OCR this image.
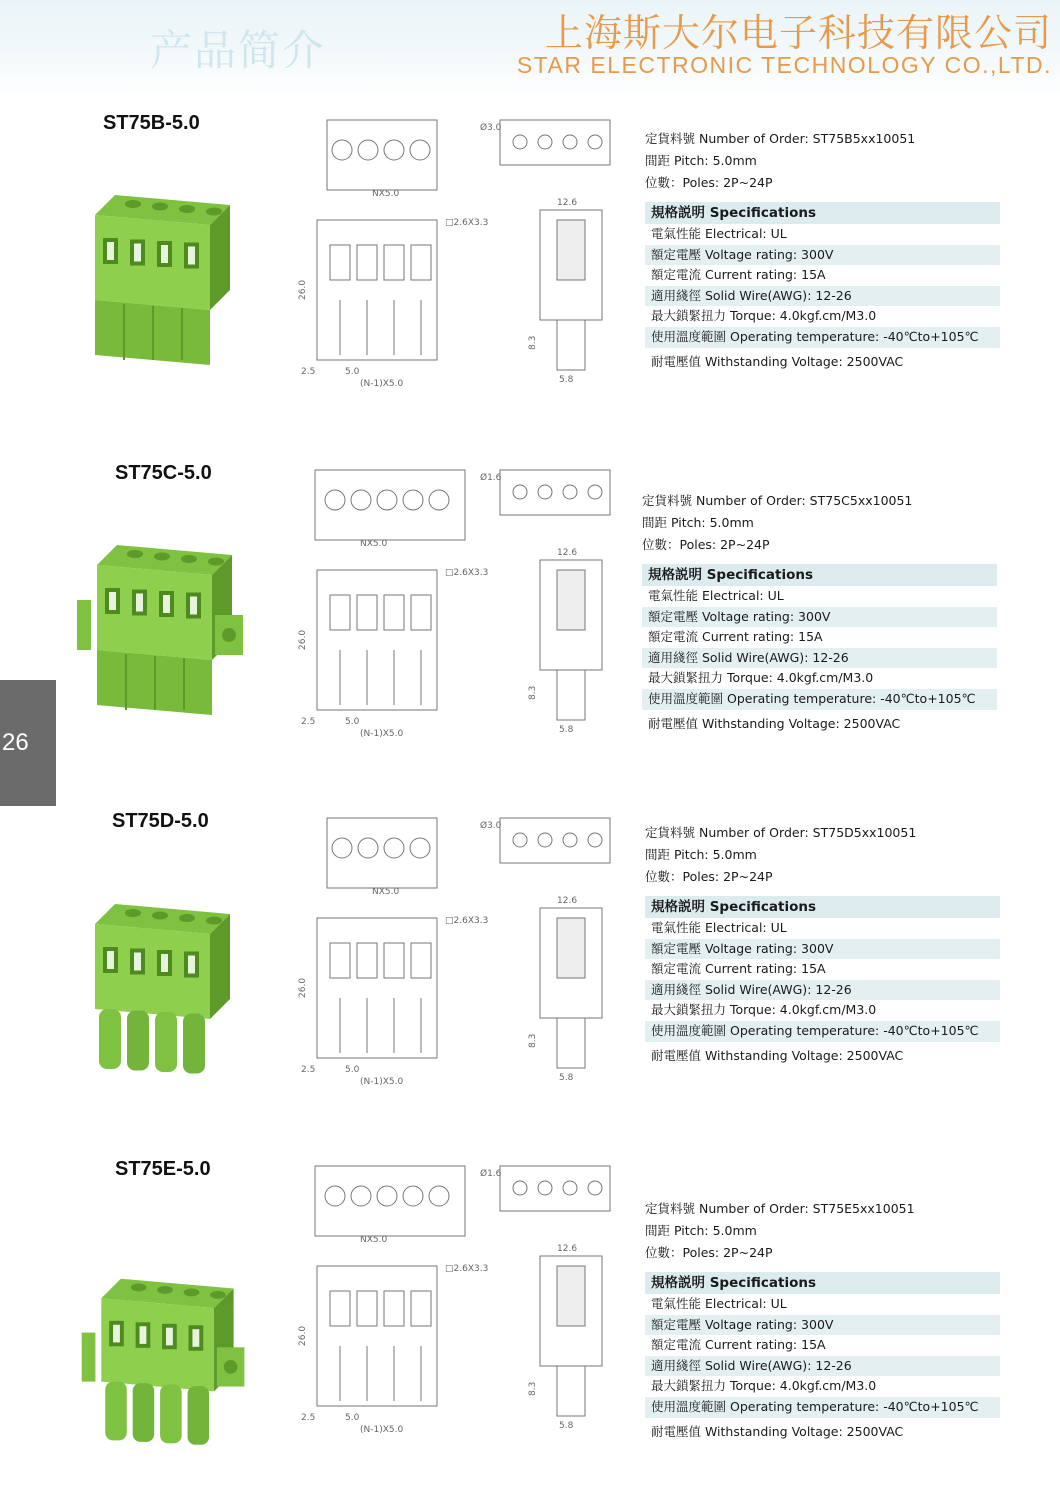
产品简介	上海斯大尔电子科技有限公司
STAR ELECTRONIC TECHNOLOGY CO.,LTD.
26
ST75B-5.0
NX5.0
Ø3.0
26.0
□2.6X3.3
2.5	5.0
(N-1)X5.0
12.6
5.8
8.3
定貨料號 Number of Order: ST75B5xx10051
間距 Pitch: 5.0mm
位數：Poles: 2P~24P
規格説明 Specifications
電氣性能 Electrical: UL
額定電壓 Voltage rating: 300V
額定電流 Current rating: 15A
適用綫徑 Solid Wire(AWG): 12-26
最大鎖緊扭力 Torque: 4.0kgf.cm/M3.0
使用溫度範圍 Operating temperature: -40℃to+105℃
耐電壓值 Withstanding Voltage: 2500VAC
ST75C-5.0
NX5.0
Ø1.6
26.0
□2.6X3.3
2.5	5.0
(N-1)X5.0
12.6
5.8
8.3
定貨料號 Number of Order: ST75C5xx10051
間距 Pitch: 5.0mm
位數：Poles: 2P~24P
規格説明 Specifications
電氣性能 Electrical: UL
額定電壓 Voltage rating: 300V
額定電流 Current rating: 15A
適用綫徑 Solid Wire(AWG): 12-26
最大鎖緊扭力 Torque: 4.0kgf.cm/M3.0
使用溫度範圍 Operating temperature: -40℃to+105℃
耐電壓值 Withstanding Voltage: 2500VAC
ST75D-5.0
NX5.0
Ø3.0
26.0
□2.6X3.3
2.5	5.0
(N-1)X5.0
12.6
5.8
8.3
定貨料號 Number of Order: ST75D5xx10051
間距 Pitch: 5.0mm
位數：Poles: 2P~24P
規格説明 Specifications
電氣性能 Electrical: UL
額定電壓 Voltage rating: 300V
額定電流 Current rating: 15A
適用綫徑 Solid Wire(AWG): 12-26
最大鎖緊扭力 Torque: 4.0kgf.cm/M3.0
使用溫度範圍 Operating temperature: -40℃to+105℃
耐電壓值 Withstanding Voltage: 2500VAC
ST75E-5.0
NX5.0
Ø1.6
26.0
□2.6X3.3
2.5	5.0
(N-1)X5.0
12.6
5.8
8.3
定貨料號 Number of Order: ST75E5xx10051
間距 Pitch: 5.0mm
位數：Poles: 2P~24P
規格説明 Specifications
電氣性能 Electrical: UL
額定電壓 Voltage rating: 300V
額定電流 Current rating: 15A
適用綫徑 Solid Wire(AWG): 12-26
最大鎖緊扭力 Torque: 4.0kgf.cm/M3.0
使用溫度範圍 Operating temperature: -40℃to+105℃
耐電壓值 Withstanding Voltage: 2500VAC
